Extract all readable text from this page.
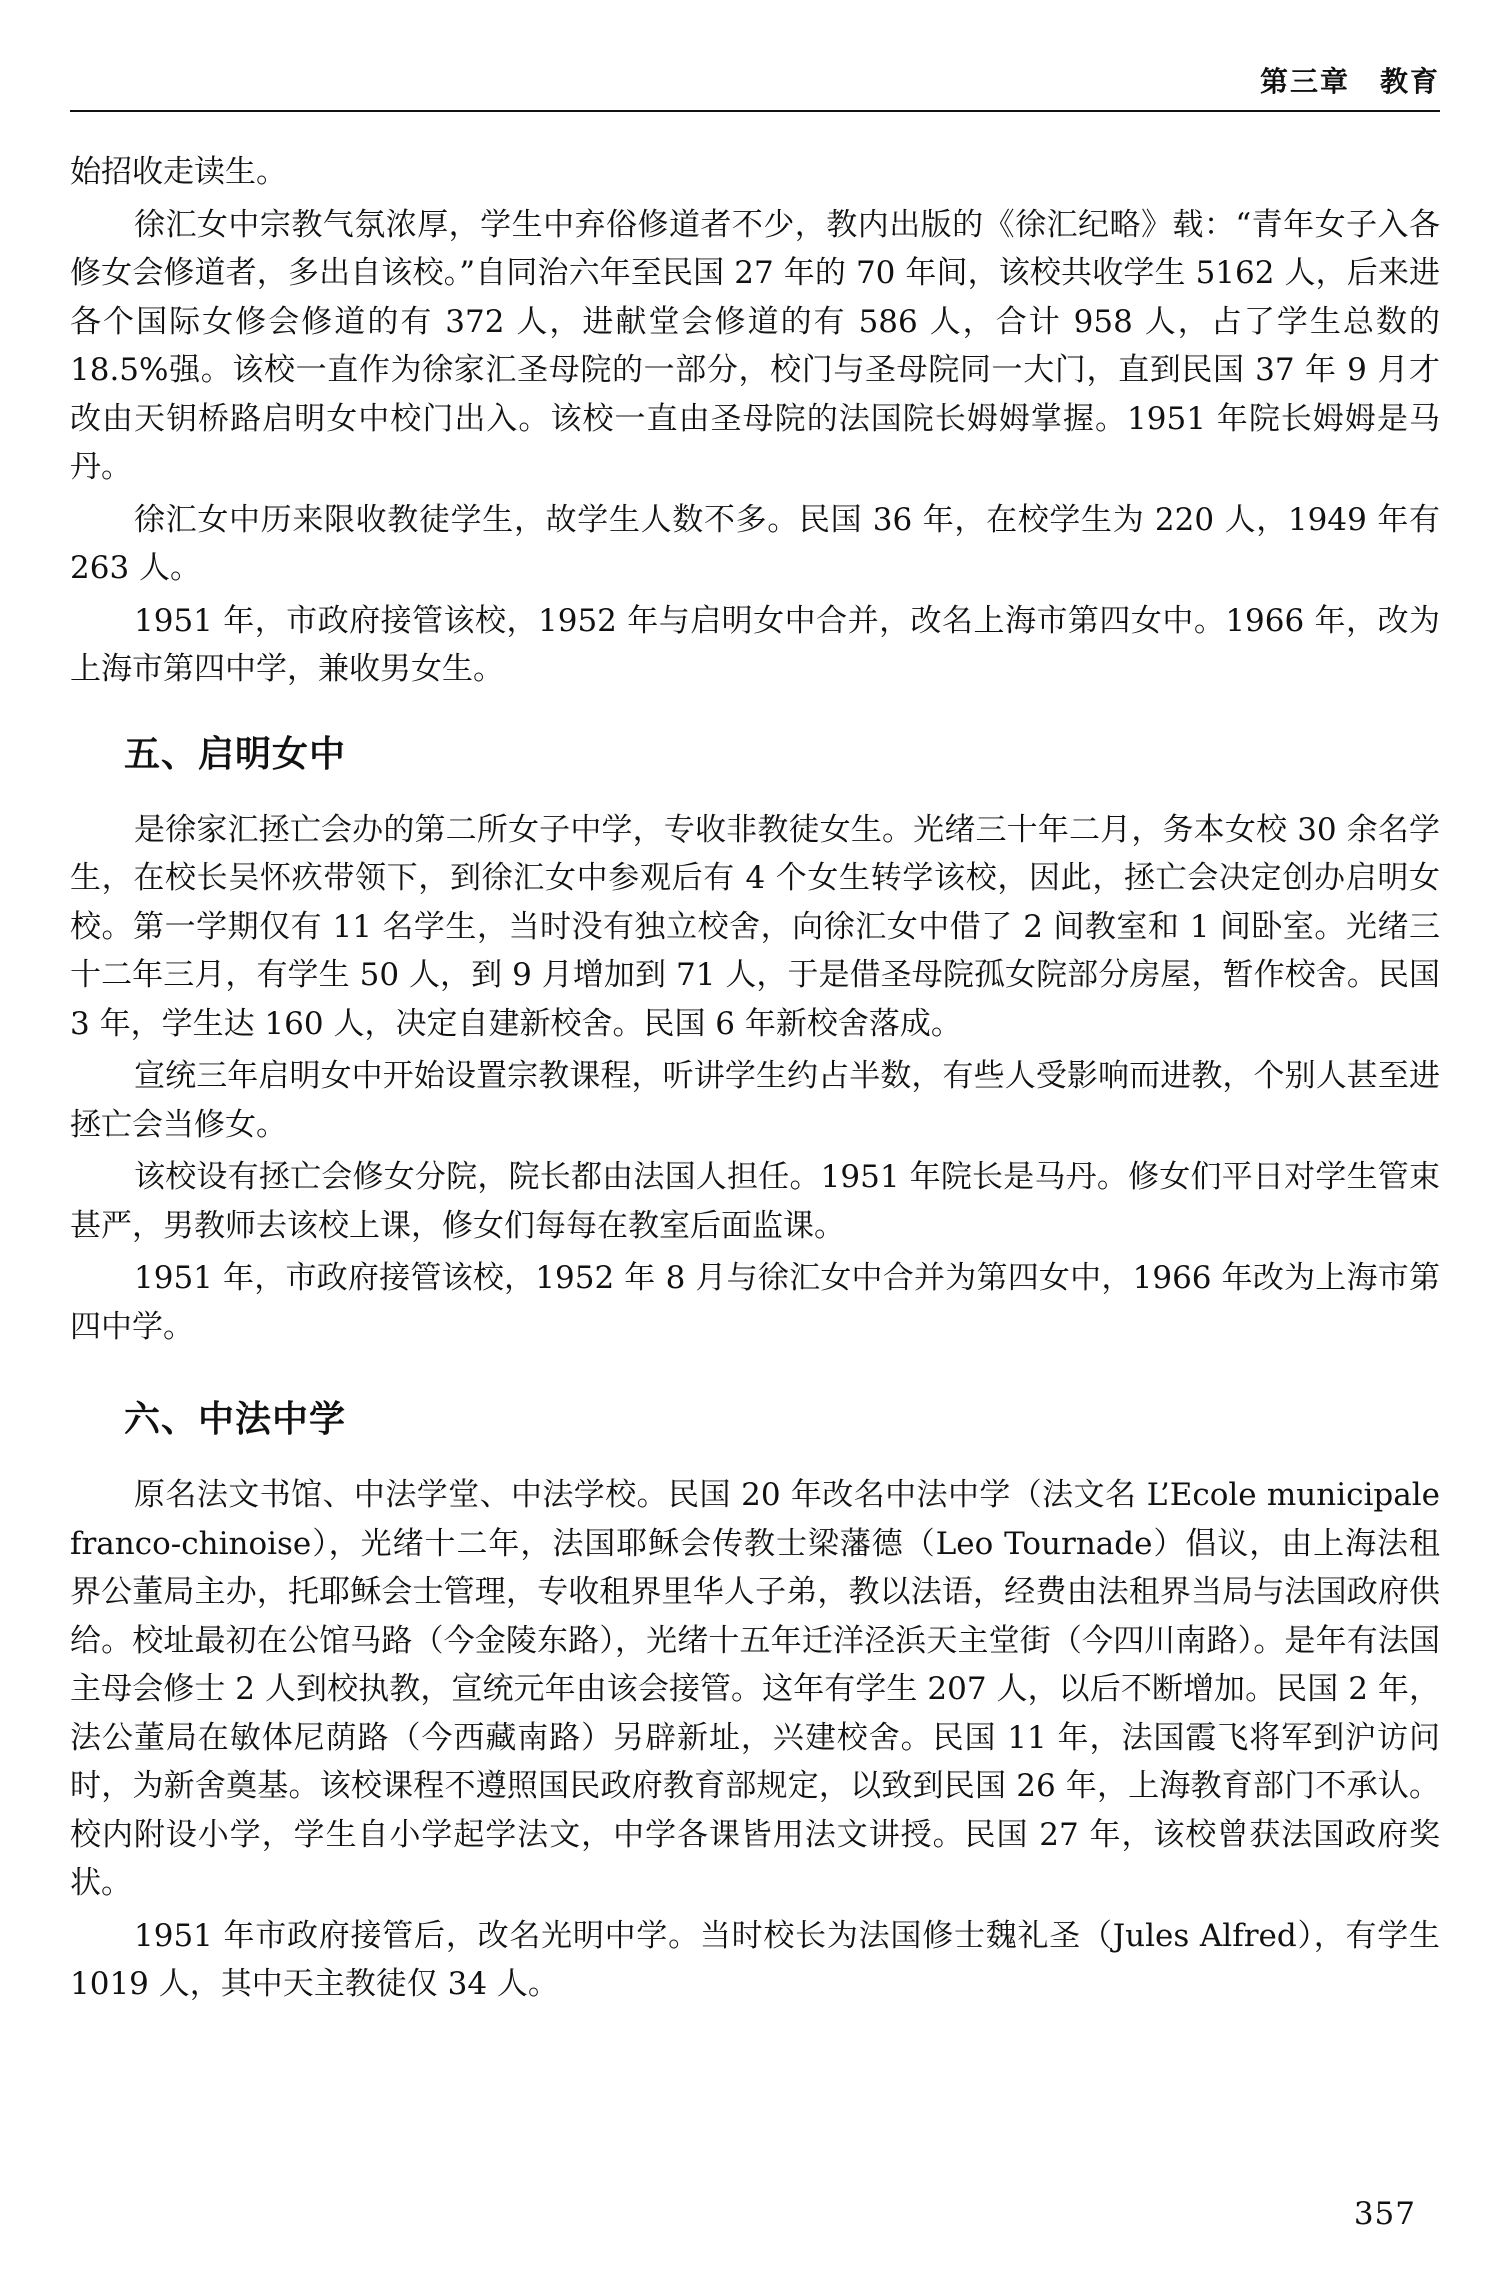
第三章　教育

始招收走读生。

徐汇女中宗教气氛浓厚，学生中弃俗修道者不少，教内出版的《徐汇纪略》载：“青年女子入各修女会修道者，多出自该校。”自同治六年至民国 27 年的 70 年间，该校共收学生 5162 人，后来进各个国际女修会修道的有 372 人，进献堂会修道的有 586 人，合计 958 人，占了学生总数的 18.5%强。该校一直作为徐家汇圣母院的一部分，校门与圣母院同一大门，直到民国 37 年 9 月才改由天钥桥路启明女中校门出入。该校一直由圣母院的法国院长姆姆掌握。1951 年院长姆姆是马丹。

徐汇女中历来限收教徒学生，故学生人数不多。民国 36 年，在校学生为 220 人，1949 年有 263 人。

1951 年，市政府接管该校，1952 年与启明女中合并，改名上海市第四女中。1966 年，改为上海市第四中学，兼收男女生。

五、启明女中

是徐家汇拯亡会办的第二所女子中学，专收非教徒女生。光绪三十年二月，务本女校 30 余名学生，在校长吴怀疚带领下，到徐汇女中参观后有 4 个女生转学该校，因此，拯亡会决定创办启明女校。第一学期仅有 11 名学生，当时没有独立校舍，向徐汇女中借了 2 间教室和 1 间卧室。光绪三十二年三月，有学生 50 人，到 9 月增加到 71 人，于是借圣母院孤女院部分房屋，暂作校舍。民国 3 年，学生达 160 人，决定自建新校舍。民国 6 年新校舍落成。

宣统三年启明女中开始设置宗教课程，听讲学生约占半数，有些人受影响而进教，个别人甚至进拯亡会当修女。

该校设有拯亡会修女分院，院长都由法国人担任。1951 年院长是马丹。修女们平日对学生管束甚严，男教师去该校上课，修女们每每在教室后面监课。

1951 年，市政府接管该校，1952 年 8 月与徐汇女中合并为第四女中，1966 年改为上海市第四中学。

六、中法中学

原名法文书馆、中法学堂、中法学校。民国 20 年改名中法中学（法文名 L’Ecole municipale franco-chinoise），光绪十二年，法国耶稣会传教士梁藩德（Leo Tournade）倡议，由上海法租界公董局主办，托耶稣会士管理，专收租界里华人子弟，教以法语，经费由法租界当局与法国政府供给。校址最初在公馆马路（今金陵东路），光绪十五年迁洋泾浜天主堂街（今四川南路）。是年有法国主母会修士 2 人到校执教，宣统元年由该会接管。这年有学生 207 人，以后不断增加。民国 2 年，法公董局在敏体尼荫路（今西藏南路）另辟新址，兴建校舍。民国 11 年，法国霞飞将军到沪访问时，为新舍奠基。该校课程不遵照国民政府教育部规定，以致到民国 26 年，上海教育部门不承认。校内附设小学，学生自小学起学法文，中学各课皆用法文讲授。民国 27 年，该校曾获法国政府奖状。

1951 年市政府接管后，改名光明中学。当时校长为法国修士魏礼圣（Jules Alfred），有学生 1019 人，其中天主教徒仅 34 人。

357
